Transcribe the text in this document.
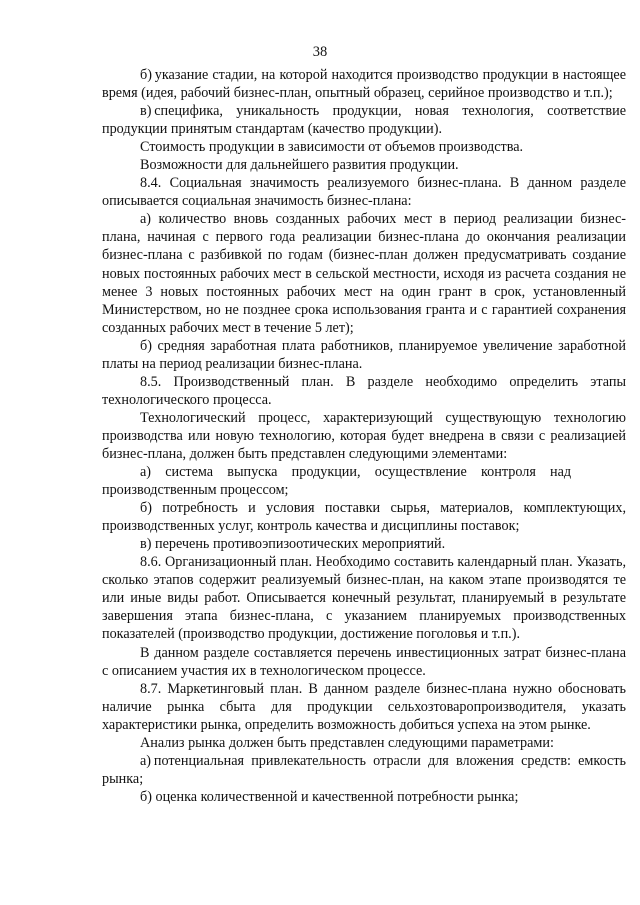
38

б) указание стадии, на которой находится производство продукции в настоящее время (идея, рабочий бизнес-план, опытный образец, серийное производство и т.п.);

в) специфика, уникальность продукции, новая технология, соответствие продукции принятым стандартам (качество продукции).

Стоимость продукции в зависимости от объемов производства.

Возможности для дальнейшего развития продукции.

8.4. Социальная значимость реализуемого бизнес-плана. В данном разделе описывается социальная значимость бизнес-плана:

а) количество вновь созданных рабочих мест в период реализации бизнес-плана, начиная с первого года реализации бизнес-плана до окончания реализации бизнес-плана с разбивкой по годам (бизнес-план должен предусматривать создание новых постоянных рабочих мест в сельской местности, исходя из расчета создания не менее 3 новых постоянных рабочих мест на один грант в срок, установленный Министерством, но не позднее срока использования гранта и с гарантией сохранения созданных рабочих мест в течение 5 лет);

б) средняя заработная плата работников, планируемое увеличение заработной платы на период реализации бизнес-плана.

8.5. Производственный план. В разделе необходимо определить этапы технологического процесса.

Технологический процесс, характеризующий существующую технологию производства или новую технологию, которая будет внедрена в связи с реализацией бизнес-плана, должен быть представлен следующими элементами:

а) система выпуска продукции, осуществление контроля над производственным процессом;

б) потребность и условия поставки сырья, материалов, комплектующих, производственных услуг, контроль качества и дисциплины поставок;

в) перечень противоэпизоотических мероприятий.

8.6. Организационный план. Необходимо составить календарный план. Указать, сколько этапов содержит реализуемый бизнес-план, на каком этапе производятся те или иные виды работ. Описывается конечный результат, планируемый в результате завершения этапа бизнес-плана, с указанием планируемых производственных показателей (производство продукции, достижение поголовья и т.п.).

В данном разделе составляется перечень инвестиционных затрат бизнес-плана с описанием участия их в технологическом процессе.

8.7. Маркетинговый план. В данном разделе бизнес-плана нужно обосновать наличие рынка сбыта для продукции сельхозтоваропроизводителя, указать характеристики рынка, определить возможность добиться успеха на этом рынке.

Анализ рынка должен быть представлен следующими параметрами:

а) потенциальная привлекательность отрасли для вложения средств: емкость рынка;

б) оценка количественной и качественной потребности рынка;
